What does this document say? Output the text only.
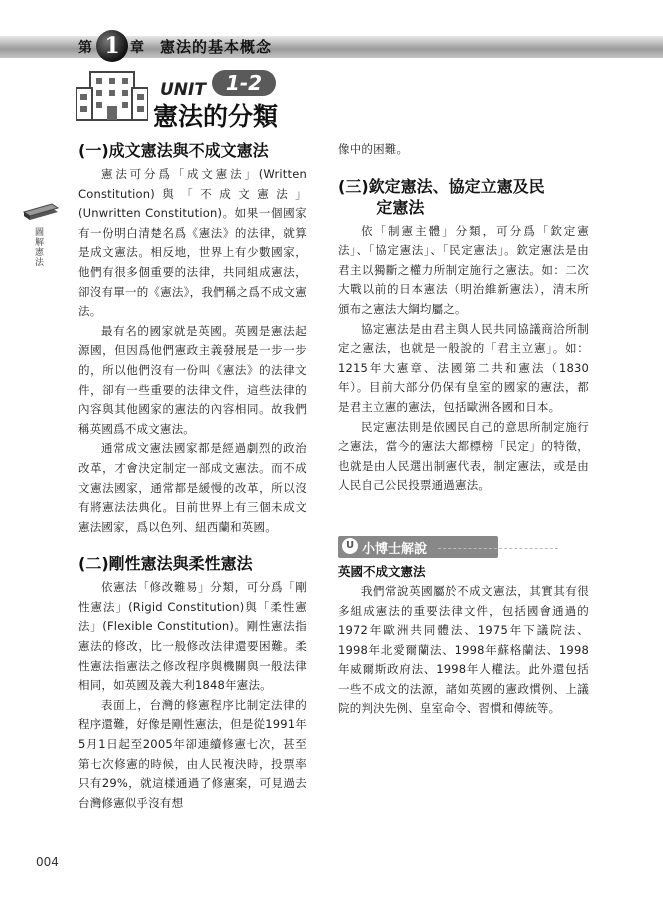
第 1 章 憲法的基本概念
UNIT 1-2
憲法的分類
圖解憲法
(一)成文憲法與不成文憲法

憲法可分爲「成文憲法」(Written Constitution)與「不成文憲法」(Unwritten Constitution)。如果一個國家有一份明白清楚名爲《憲法》的法律，就算是成文憲法。相反地，世界上有少數國家，他們有很多個重要的法律，共同組成憲法，卻沒有單一的《憲法》，我們稱之爲不成文憲法。

最有名的國家就是英國。英國是憲法起源國，但因爲他們憲政主義發展是一步一步的，所以他們沒有一份叫《憲法》的法律文件，卻有一些重要的法律文件，這些法律的內容與其他國家的憲法的內容相同。故我們稱英國爲不成文憲法。

通常成文憲法國家都是經過劇烈的政治改革，才會決定制定一部成文憲法。而不成文憲法國家，通常都是緩慢的改革，所以沒有將憲法法典化。目前世界上有三個未成文憲法國家，爲以色列、紐西蘭和英國。

(二)剛性憲法與柔性憲法

依憲法「修改難易」分類，可分爲「剛性憲法」(Rigid Constitution)與「柔性憲法」(Flexible Constitution)。剛性憲法指憲法的修改，比一般修改法律還要困難。柔性憲法指憲法之修改程序與機關與一般法律相同，如英國及義大利1848年憲法。

表面上，台灣的修憲程序比制定法律的程序還難，好像是剛性憲法，但是從1991年5月1日起至2005年卻連續修憲七次，甚至第七次修憲的時候，由人民複決時，投票率只有29%，就這樣通過了修憲案，可見過去台灣修憲似乎沒有想

像中的困難。

(三)欽定憲法、協定立憲及民
定憲法

依「制憲主體」分類，可分爲「欽定憲法」、「協定憲法」、「民定憲法」。欽定憲法是由君主以獨斷之權力所制定施行之憲法。如：二次大戰以前的日本憲法（明治維新憲法），清末所頒布之憲法大綱均屬之。

協定憲法是由君主與人民共同協議商洽所制定之憲法，也就是一般說的「君主立憲」。如：1215年大憲章、法國第二共和憲法（1830年）。目前大部分仍保有皇室的國家的憲法，都是君主立憲的憲法，包括歐洲各國和日本。

民定憲法則是依國民自己的意思所制定施行之憲法，當今的憲法大都標榜「民定」的特徵，也就是由人民選出制憲代表，制定憲法，或是由人民自己公民投票通過憲法。

U 小博士解說
英國不成文憲法

我們常說英國屬於不成文憲法，其實其有很多組成憲法的重要法律文件，包括國會通過的1972年歐洲共同體法、1975年下議院法、1998年北愛爾蘭法、1998年蘇格蘭法、1998年威爾斯政府法、1998年人權法。此外還包括一些不成文的法源，諸如英國的憲政慣例、上議院的判決先例、皇室命令、習慣和傳統等。

004
